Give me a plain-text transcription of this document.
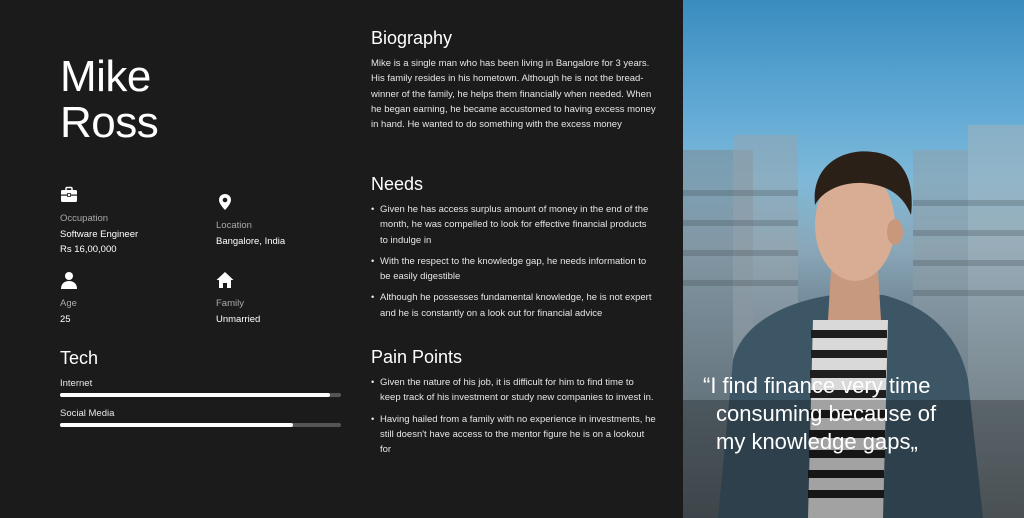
Mike
Ross
Occupation
Software Engineer
Rs 16,00,000
Location
Bangalore, India
Age
25
Family
Unmarried
Tech
Internet
Social Media
Biography
Mike is a single man who has been living in Bangalore for 3 years. His family resides in his hometown. Although he is not the bread-winner of the family, he helps them financially when needed. When he began earning, he became accustomed to having excess money in hand. He wanted to do something with the excess money
Needs
• Given he has access surplus amount of money in the end of the month, he was compelled to look for effective financial products to indulge in
• With the respect to the knowledge gap, he needs information to be easily digestible
• Although he possesses fundamental knowledge, he is not expert and he is constantly on a look out for financial advice
Pain Points
• Given the nature of his job, it is difficult for him to find time to keep track of his investment or study new companies to invest in.
• Having hailed from a family with no experience in investments, he still doesn't have access to the mentor figure he is on a lookout for
“I find finance very time
consuming because of
my knowledge gaps„
